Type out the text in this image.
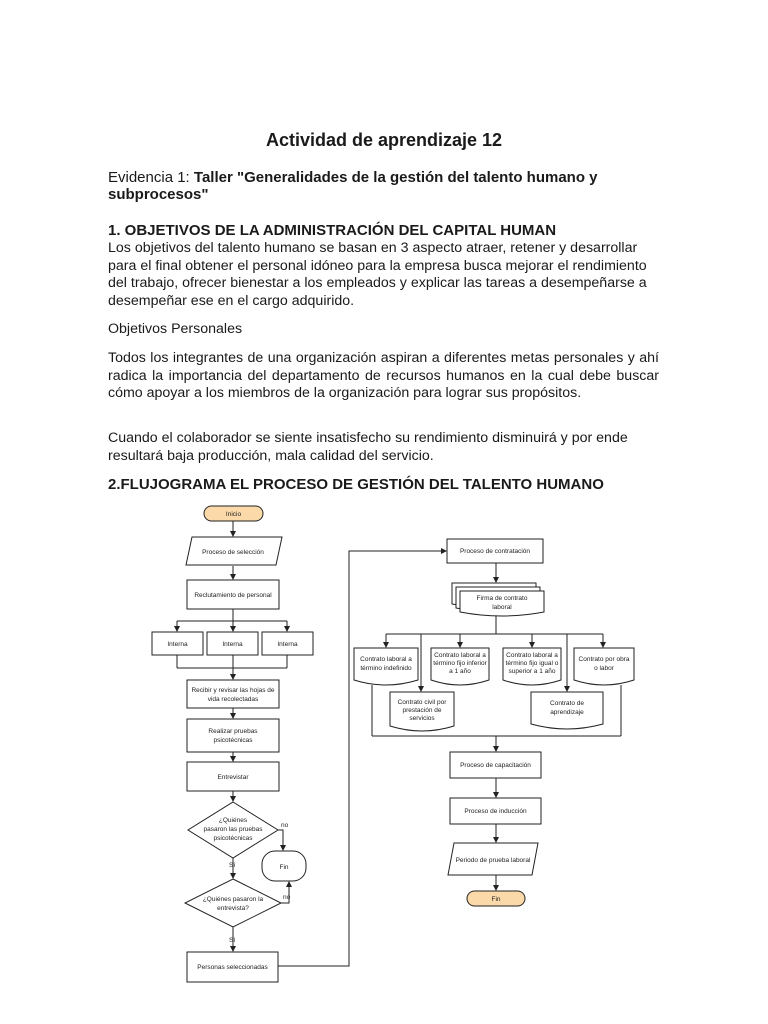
Actividad de aprendizaje 12
Evidencia 1: Taller "Generalidades de la gestión del talento humano y subprocesos"

1. OBJETIVOS DE LA ADMINISTRACIÓN DEL CAPITAL HUMAN

Los objetivos del talento humano se basan en 3 aspecto atraer, retener y desarrollar para el final obtener el personal idóneo para la empresa busca mejorar el rendimiento del trabajo, ofrecer bienestar a los empleados y explicar las tareas a desempeñarse a desempeñar ese en el cargo adquirido.

Objetivos Personales

Todos los integrantes de una organización aspiran a diferentes metas personales y ahí radica la importancia del departamento de recursos humanos en la cual debe buscar cómo apoyar a los miembros de la organización para lograr sus propósitos.

Cuando el colaborador se siente insatisfecho su rendimiento disminuirá y por ende resultará baja producción, mala calidad del servicio.

2.FLUJOGRAMA EL PROCESO DE GESTIÓN DEL TALENTO HUMANO

Inicio
Proceso de selección
Reclutamiento de personal
Interna	Interna	Interna
Recibir y revisar las hojas de
vida recolectadas
Realizar pruebas
psicotécnicas
Entrevistar
¿Quiénes
pasaron las pruebas
psicotécnicas
no
Sí	Fin
¿Quiénes pasaron la
entrevista?
no
Sí
Personas seleccionadas
Proceso de contratación
Firma de contrato
laboral
Contrato laboral a
término indefinido
Contrato laboral a
término fijo inferior
a 1 año
Contrato laboral a
término fijo igual o
superior a 1 año
Contrato por obra
o labor
Contrato civil por
prestación de
servicios
Contrato de
aprendizaje
Proceso de capacitación
Proceso de inducción
Periodo de prueba laboral
Fin
